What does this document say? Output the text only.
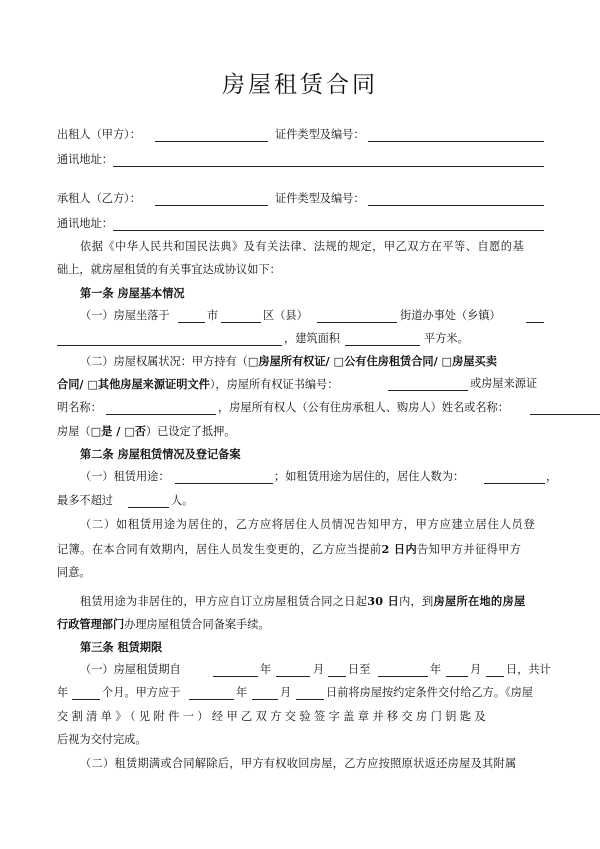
房屋租赁合同
出租人（甲方）：	证件类型及编号：
通讯地址：
承租人（乙方）：	证件类型及编号：
通讯地址：
依据《中华人民共和国民法典》及有关法律、法规的规定，甲乙双方在平等、自愿的基
础上，就房屋租赁的有关事宜达成协议如下：
第一条 房屋基本情况
（一）房屋坐落于	市	区（县）	街道办事处（乡镇）
，建筑面积	平方米。
（二）房屋权属状况：甲方持有（□房屋所有权证/ □公有住房租赁合同/ □房屋买卖
合同/ □其他房屋来源证明文件），房屋所有权证书编号：	或房屋来源证
明名称：	，房屋所有权人（公有住房承租人、购房人）姓名或名称：
房屋（□是 / □否）已设定了抵押。
第二条 房屋租赁情况及登记备案
（一）租赁用途：	；如租赁用途为居住的，居住人数为：	，
最多不超过	人。
（二）如租赁用途为居住的，乙方应将居住人员情况告知甲方，甲方应建立居住人员登
记簿。在本合同有效期内，居住人员发生变更的，乙方应当提前2 日内告知甲方并征得甲方
同意。
租赁用途为非居住的，甲方应自订立房屋租赁合同之日起30 日内，到房屋所在地的房屋
行政管理部门办理房屋租赁合同备案手续。
第三条 租赁期限
（一）房屋租赁期自	年	月 日至	年	月 日，共计
年	个月。甲方应于	年	月	日前将房屋按约定条件交付给乙方。《房屋
交割清单》（见附件一）经甲乙双方交验签字盖章并移交房门钥匙及
后视为交付完成。
（二）租赁期满或合同解除后，甲方有权收回房屋，乙方应按照原状返还房屋及其附属
